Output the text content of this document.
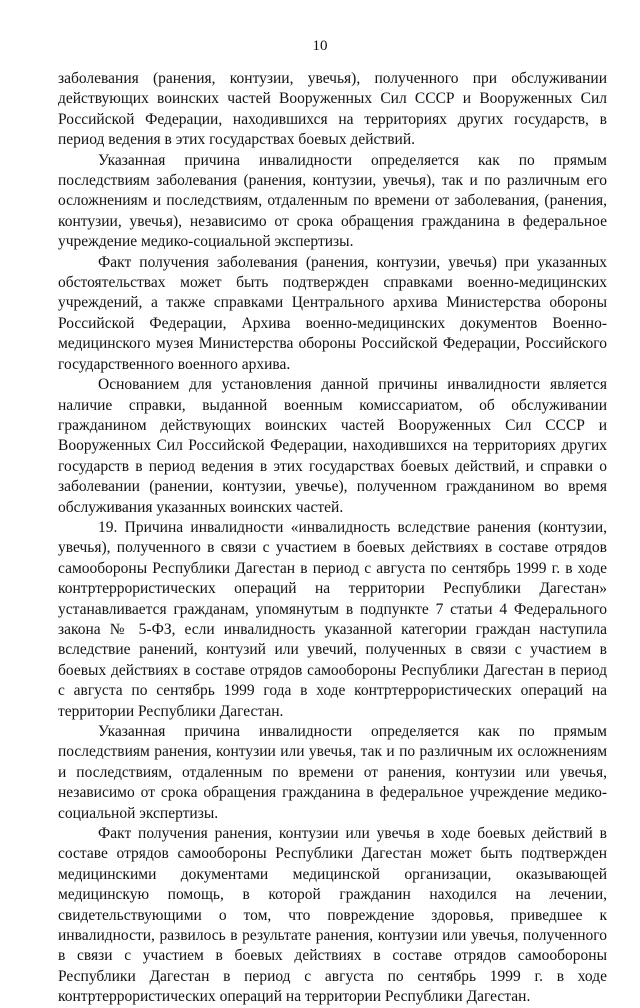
10

заболевания (ранения, контузии, увечья), полученного при обслуживании действующих воинских частей Вооруженных Сил СССР и Вооруженных Сил Российской Федерации, находившихся на территориях других государств, в период ведения в этих государствах боевых действий.

Указанная причина инвалидности определяется как по прямым последствиям заболевания (ранения, контузии, увечья), так и по различным его осложнениям и последствиям, отдаленным по времени от заболевания, (ранения, контузии, увечья), независимо от срока обращения гражданина в федеральное учреждение медико-социальной экспертизы.

Факт получения заболевания (ранения, контузии, увечья) при указанных обстоятельствах может быть подтвержден справками военно-медицинских учреждений, а также справками Центрального архива Министерства обороны Российской Федерации, Архива военно-медицинских документов Военно-медицинского музея Министерства обороны Российской Федерации, Российского государственного военного архива.

Основанием для установления данной причины инвалидности является наличие справки, выданной военным комиссариатом, об обслуживании гражданином действующих воинских частей Вооруженных Сил СССР и Вооруженных Сил Российской Федерации, находившихся на территориях других государств в период ведения в этих государствах боевых действий, и справки о заболевании (ранении, контузии, увечье), полученном гражданином во время обслуживания указанных воинских частей.

19. Причина инвалидности «инвалидность вследствие ранения (контузии, увечья), полученного в связи с участием в боевых действиях в составе отрядов самообороны Республики Дагестан в период с августа по сентябрь 1999 г. в ходе контртеррористических операций на территории Республики Дагестан» устанавливается гражданам, упомянутым в подпункте 7 статьи 4 Федерального закона № 5-ФЗ, если инвалидность указанной категории граждан наступила вследствие ранений, контузий или увечий, полученных в связи с участием в боевых действиях в составе отрядов самообороны Республики Дагестан в период с августа по сентябрь 1999 года в ходе контртеррористических операций на территории Республики Дагестан.

Указанная причина инвалидности определяется как по прямым последствиям ранения, контузии или увечья, так и по различным их осложнениям и последствиям, отдаленным по времени от ранения, контузии или увечья, независимо от срока обращения гражданина в федеральное учреждение медико-социальной экспертизы.

Факт получения ранения, контузии или увечья в ходе боевых действий в составе отрядов самообороны Республики Дагестан может быть подтвержден медицинскими документами медицинской организации, оказывающей медицинскую помощь, в которой гражданин находился на лечении, свидетельствующими о том, что повреждение здоровья, приведшее к инвалидности, развилось в результате ранения, контузии или увечья, полученного в связи с участием в боевых действиях в составе отрядов самообороны Республики Дагестан в период с августа по сентябрь 1999 г. в ходе контртеррористических операций на территории Республики Дагестан.
